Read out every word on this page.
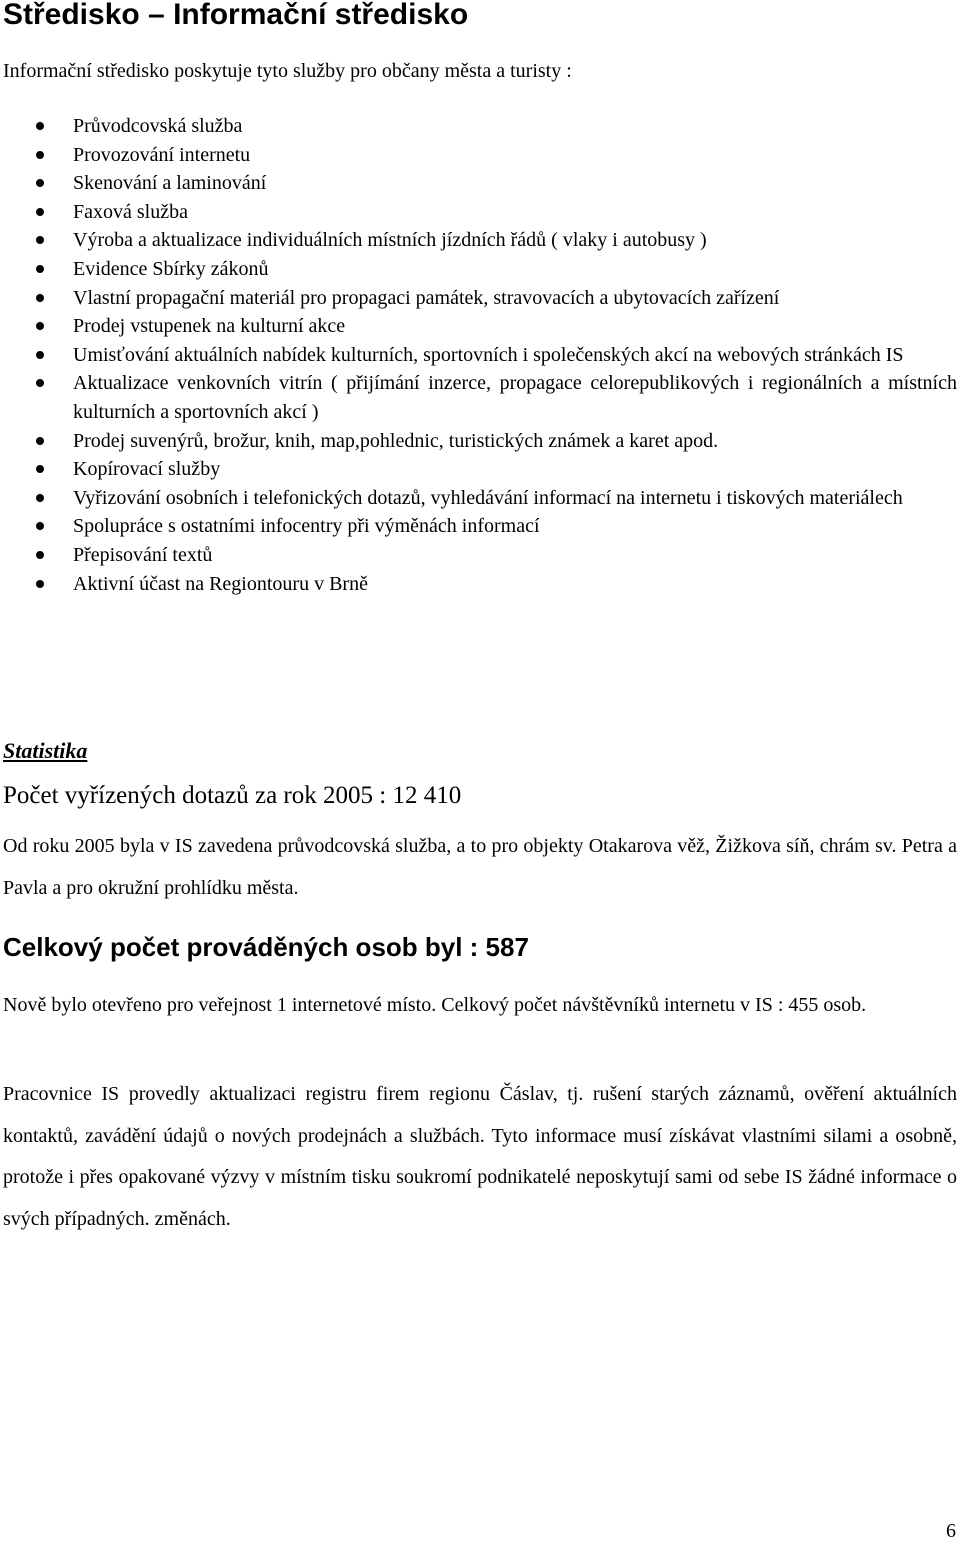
Středisko – Informační středisko

Informační středisko poskytuje tyto služby pro občany města a turisty :

Průvodcovská služba
Provozování internetu
Skenování a laminování
Faxová služba
Výroba a aktualizace individuálních místních jízdních řádů ( vlaky i autobusy )
Evidence Sbírky zákonů
Vlastní propagační materiál pro propagaci památek, stravovacích a ubytovacích zařízení
Prodej vstupenek na kulturní akce
Umisťování aktuálních nabídek kulturních, sportovních i společenských akcí na webových stránkách IS
Aktualizace venkovních vitrín ( přijímání inzerce, propagace celorepublikových i regionálních a místních kulturních a sportovních akcí )
Prodej suvenýrů, brožur, knih, map,pohlednic, turistických známek a karet apod.
Kopírovací služby
Vyřizování osobních i telefonických dotazů, vyhledávání informací na internetu i tiskových materiálech
Spolupráce s ostatními infocentry při výměnách informací
Přepisování textů
Aktivní účast na Regiontouru v Brně
Statistika

Počet vyřízených dotazů za rok 2005 : 12 410

Od roku 2005 byla v IS zavedena průvodcovská služba, a to pro objekty Otakarova věž, Žižkova síň, chrám sv. Petra a Pavla a pro okružní prohlídku města.

Celkový počet prováděných osob byl : 587

Nově bylo otevřeno pro veřejnost 1 internetové místo. Celkový počet návštěvníků internetu v IS : 455 osob.

Pracovnice IS provedly aktualizaci registru firem regionu Čáslav, tj. rušení starých záznamů, ověření aktuálních kontaktů, zavádění údajů o nových prodejnách a službách. Tyto informace musí získávat vlastními silami a osobně, protože i přes opakované výzvy v místním tisku soukromí podnikatelé neposkytují sami od sebe IS žádné informace o svých případných. změnách.

6
